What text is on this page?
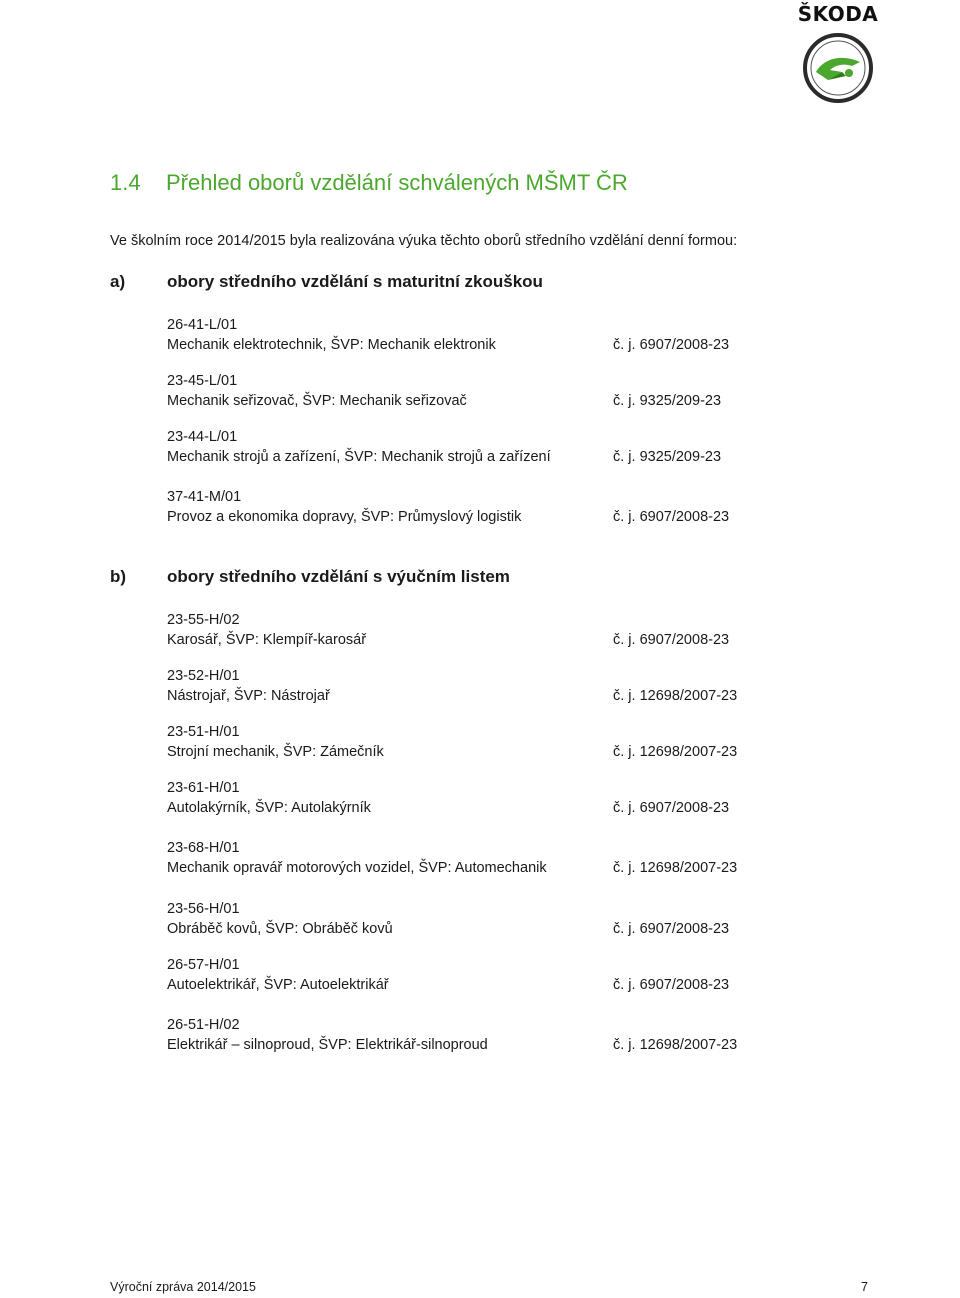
ŠKODA
1.4 Přehled oborů vzdělání schválených MŠMT ČR

Ve školním roce 2014/2015 byla realizována výuka těchto oborů středního vzdělání denní formou:

a) obory středního vzdělání s maturitní zkouškou
26-41-L/01
Mechanik elektrotechnik, ŠVP: Mechanik elektronik	č. j. 6907/2008-23
23-45-L/01
Mechanik seřizovač, ŠVP: Mechanik seřizovač	č. j. 9325/209-23
23-44-L/01
Mechanik strojů a zařízení, ŠVP: Mechanik strojů a zařízení	č. j. 9325/209-23
37-41-M/01
Provoz a ekonomika dopravy, ŠVP: Průmyslový logistik	č. j. 6907/2008-23
b) obory středního vzdělání s výučním listem
23-55-H/02
Karosář, ŠVP: Klempíř-karosář	č. j. 6907/2008-23
23-52-H/01
Nástrojař, ŠVP: Nástrojař	č. j. 12698/2007-23
23-51-H/01
Strojní mechanik, ŠVP: Zámečník	č. j. 12698/2007-23
23-61-H/01
Autolakýrník, ŠVP: Autolakýrník	č. j. 6907/2008-23
23-68-H/01
Mechanik opravář motorových vozidel, ŠVP: Automechanik	č. j. 12698/2007-23
23-56-H/01
Obráběč kovů, ŠVP: Obráběč kovů	č. j. 6907/2008-23
26-57-H/01
Autoelektrikář, ŠVP: Autoelektrikář	č. j. 6907/2008-23
26-51-H/02
Elektrikář – silnoproud, ŠVP: Elektrikář-silnoproud	č. j. 12698/2007-23
Výroční zpráva 2014/2015	7
